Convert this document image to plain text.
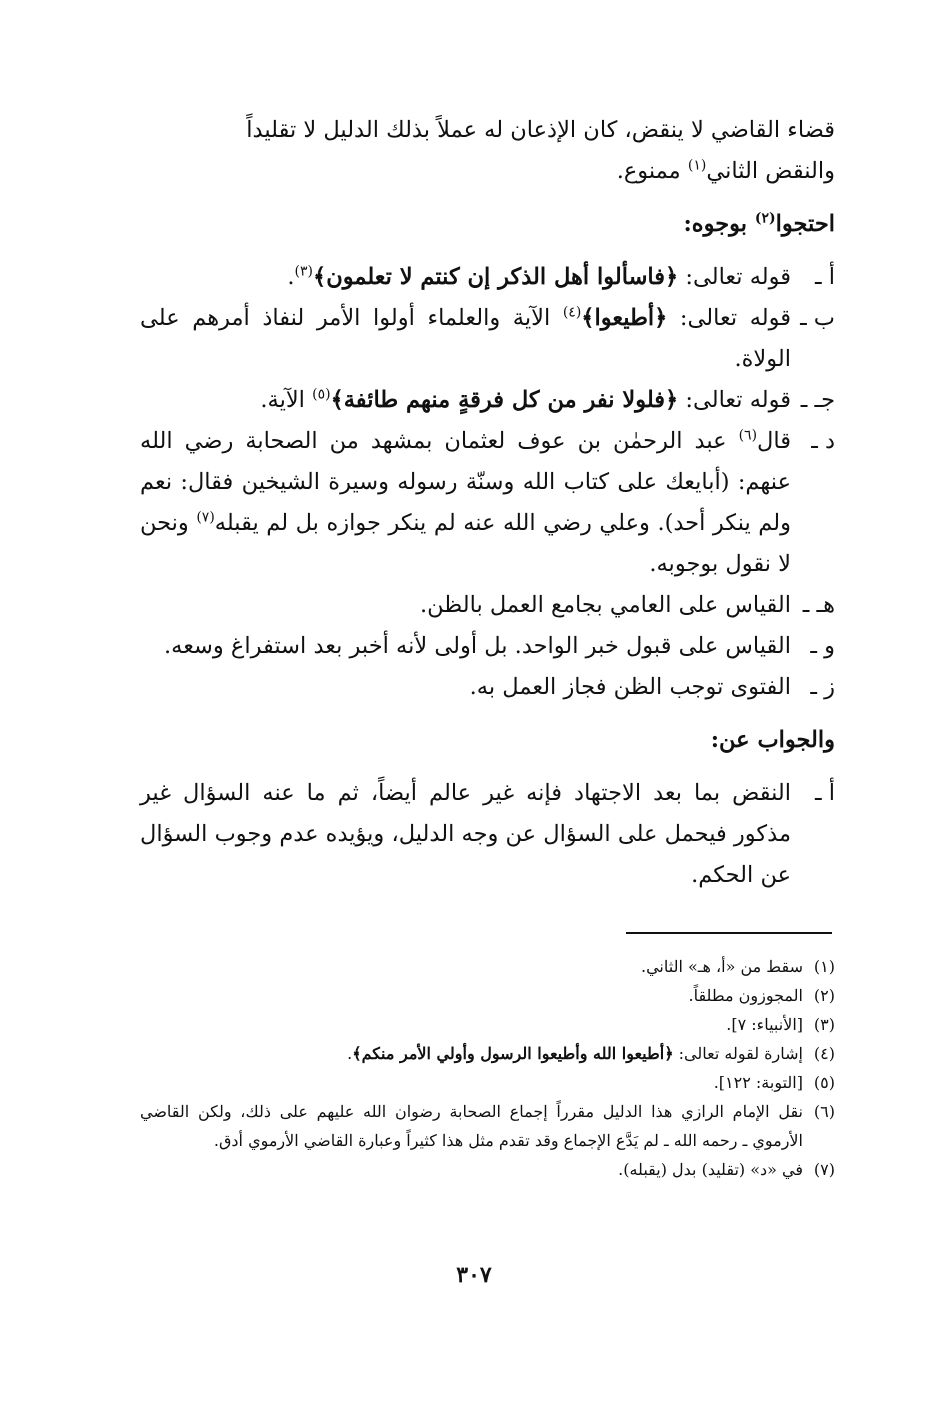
قضاء القاضي لا ينقض، كان الإذعان له عملاً بذلك الدليل لا تقليداً
والنقض الثاني$^{(١)}$ ممنوع.

احتجوا$^{(٢)}$ بوجوه:

أ ـ
قوله تعالى: ﴿فاسألوا أهل الذكر إن كنتم لا تعلمون﴾$^{(٣)}$.
ب ـ
قوله تعالى: ﴿أطيعوا﴾$^{(٤)}$ الآية والعلماء أولوا الأمر لنفاذ أمرهم على الولاة.
جـ ـ
قوله تعالى: ﴿فلولا نفر من كل فرقةٍ منهم طائفة﴾$^{(٥)}$ الآية.
د ـ
قال$^{(٦)}$ عبد الرحمٰن بن عوف لعثمان بمشهد من الصحابة رضي الله عنهم: (أبايعك على كتاب الله وسنّة رسوله وسيرة الشيخين فقال: نعم ولم ينكر أحد). وعلي رضي الله عنه لم ينكر جوازه بل لم يقبله$^{(٧)}$ ونحن لا نقول بوجوبه.
هـ ـ
القياس على العامي بجامع العمل بالظن.
و ـ
القياس على قبول خبر الواحد. بل أولى لأنه أخبر بعد استفراغ وسعه.
ز ـ
الفتوى توجب الظن فجاز العمل به.

والجواب عن:

أ ـ
النقض بما بعد الاجتهاد فإنه غير عالم أيضاً، ثم ما عنه السؤال غير مذكور فيحمل على السؤال عن وجه الدليل، ويؤيده عدم وجوب السؤال عن الحكم.
(١)
سقط من «أ، هـ» الثاني.
(٢)
المجوزون مطلقاً.
(٣)
[الأنبياء: ٧].
(٤)
إشارة لقوله تعالى: ﴿أطيعوا الله وأطيعوا الرسول وأولي الأمر منكم﴾.
(٥)
[التوبة: ١٢٢].
(٦)
نقل الإمام الرازي هذا الدليل مقرراً إجماع الصحابة رضوان الله عليهم على ذلك، ولكن القاضي الأرموي ـ رحمه الله ـ لم يَدَّع الإجماع وقد تقدم مثل هذا كثيراً وعبارة القاضي الأرموي أدق.
(٧)
في «د» (تقليد) بدل (يقبله).
٣٠٧
